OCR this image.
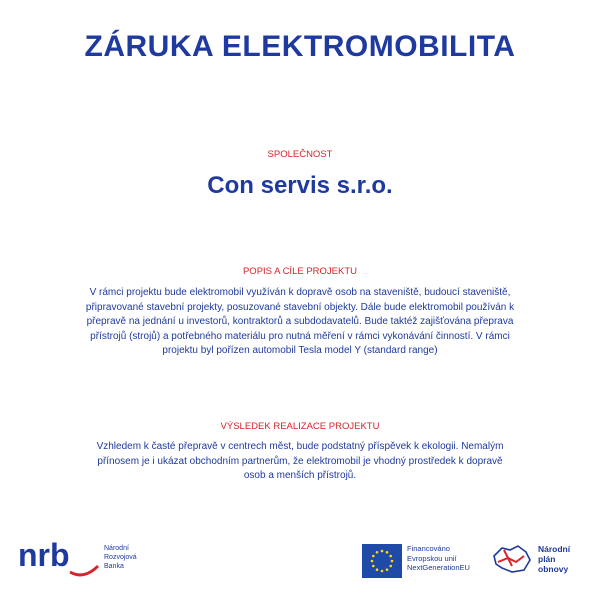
ZÁRUKA ELEKTROMOBILITA
SPOLEČNOST
Con servis s.r.o.
POPIS A CÍLE PROJEKTU
V rámci projektu bude elektromobil využíván k dopravě osob na staveniště, budoucí staveniště,
připravované stavební projekty, posuzované stavební objekty. Dále bude elektromobil používán k
přepravě na jednání u investorů, kontraktorů a subdodavatelů. Bude taktéž zajišťována přeprava
přístrojů (strojů) a potřebného materiálu pro nutná měření v rámci vykonávání činností. V rámci
projektu byl pořízen automobil Tesla model Y (standard range)
VÝSLEDEK REALIZACE PROJEKTU
Vzhledem k časté přepravě v centrech měst, bude podstatný příspěvek k ekologii. Nemalým
přínosem je i ukázat obchodním partnerům, že elektromobil je vhodný prostředek k dopravě
osob a menších přístrojů.
nrb	Národní
Rozvojová
Banka
Financováno
Evropskou unií
NextGenerationEU
Národní
plán
obnovy
